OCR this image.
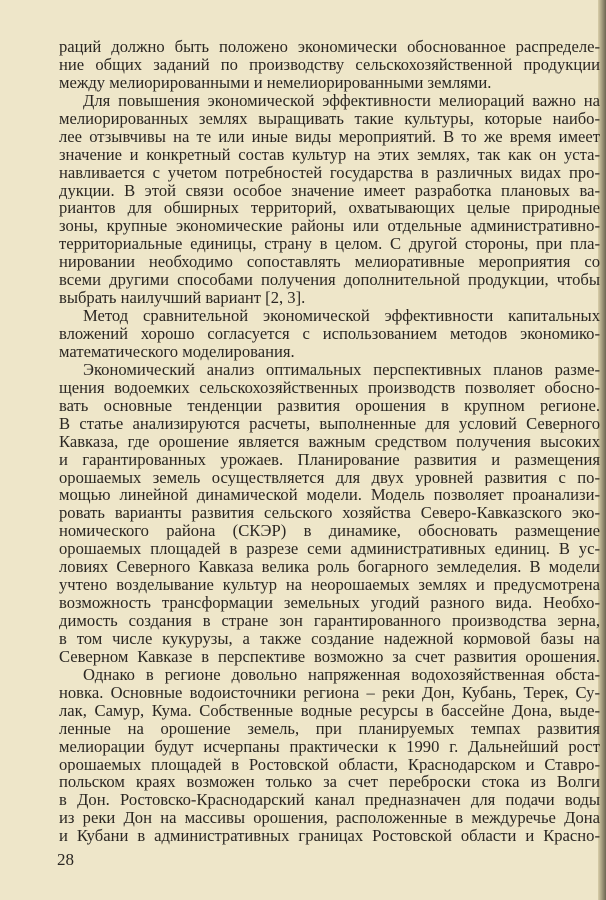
раций должно быть положено экономически обоснованное распределе-
ние общих заданий по производству сельскохозяйственной продукции
между мелиорированными и немелиорированными землями.
Для повышения экономической эффективности мелиораций важно на
мелиорированных землях выращивать такие культуры, которые наибо-
лее отзывчивы на те или иные виды мероприятий. В то же время имеет
значение и конкретный состав культур на этих землях, так как он уста-
навливается с учетом потребностей государства в различных видах про-
дукции. В этой связи особое значение имеет разработка плановых ва-
риантов для обширных территорий, охватывающих целые природные
зоны, крупные экономические районы или отдельные административно-
территориальные единицы, страну в целом. С другой стороны, при пла-
нировании необходимо сопоставлять мелиоративные мероприятия со
всеми другими способами получения дополнительной продукции, чтобы
выбрать наилучший вариант [2, 3].
Метод сравнительной экономической эффективности капитальных
вложений хорошо согласуется с использованием методов экономико-
математического моделирования.
Экономический анализ оптимальных перспективных планов разме-
щения водоемких сельскохозяйственных производств позволяет обосно-
вать основные тенденции развития орошения в крупном регионе.
В статье анализируются расчеты, выполненные для условий Северного
Кавказа, где орошение является важным средством получения высоких
и гарантированных урожаев. Планирование развития и размещения
орошаемых земель осуществляется для двух уровней развития с по-
мощью линейной динамической модели. Модель позволяет проанализи-
ровать варианты развития сельского хозяйства Северо-Кавказского эко-
номического района (СКЭР) в динамике, обосновать размещение
орошаемых площадей в разрезе семи административных единиц. В ус-
ловиях Северного Кавказа велика роль богарного земледелия. В модели
учтено возделывание культур на неорошаемых землях и предусмотрена
возможность трансформации земельных угодий разного вида. Необхо-
димость создания в стране зон гарантированного производства зерна,
в том числе кукурузы, а также создание надежной кормовой базы на
Северном Кавказе в перспективе возможно за счет развития орошения.
Однако в регионе довольно напряженная водохозяйственная обста-
новка. Основные водоисточники региона – реки Дон, Кубань, Терек, Су-
лак, Самур, Кума. Собственные водные ресурсы в бассейне Дона, выде-
ленные на орошение земель, при планируемых темпах развития
мелиорации будут исчерпаны практически к 1990 г. Дальнейший рост
орошаемых площадей в Ростовской области, Краснодарском и Ставро-
польском краях возможен только за счет переброски стока из Волги
в Дон. Ростовско-Краснодарский канал предназначен для подачи воды
из реки Дон на массивы орошения, расположенные в междуречье Дона
и Кубани в административных границах Ростовской области и Красно-
28
